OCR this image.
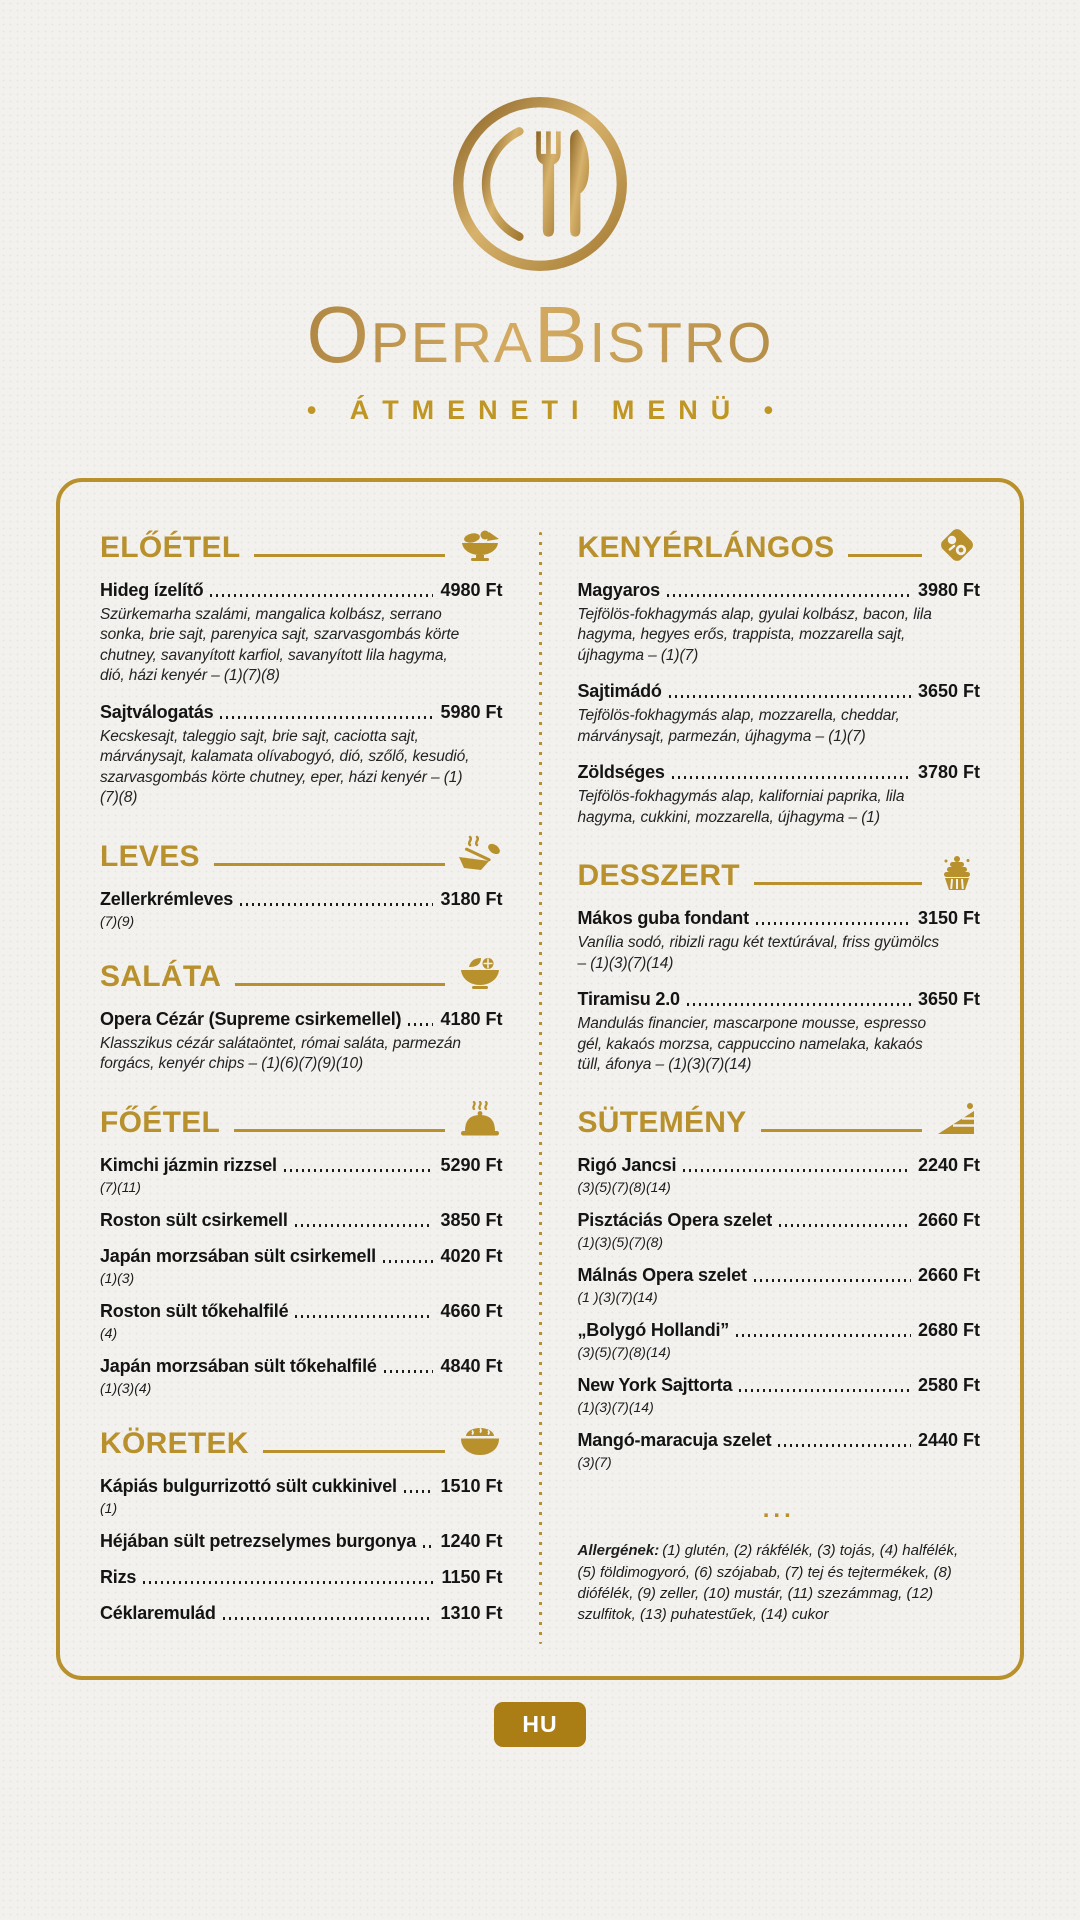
OPERABISTRO
• ÁTMENETI MENÜ •
ELŐÉTEL
Hideg ízelítő	4980 Ft

Szürkemarha szalámi, mangalica kolbász, serrano sonka, brie sajt, parenyica sajt, szarvasgombás körte chutney, savanyított karfiol, savanyított lila hagyma, dió, házi kenyér – (1)(7)(8)

Sajtválogatás	5980 Ft

Kecskesajt, taleggio sajt, brie sajt, caciotta sajt, márványsajt, kalamata olívabogyó, dió, szőlő, kesudió, szarvasgombás körte chutney, eper, házi kenyér – (1)(7)(8)

LEVES
Zellerkrémleves	3180 Ft

(7)(9)

SALÁTA
Opera Cézár (Supreme csirkemellel) 4180 Ft

Klasszikus cézár salátaöntet, római saláta, parmezán forgács, kenyér chips – (1)(6)(7)(9)(10)

FŐÉTEL
Kimchi jázmin rizzsel	5290 Ft

(7)(11)

Roston sült csirkemell	3850 Ft
Japán morzsában sült csirkemell	4020 Ft

(1)(3)

Roston sült tőkehalfilé	4660 Ft

(4)

Japán morzsában sült tőkehalfilé	4840 Ft

(1)(3)(4)

KÖRETEK
Kápiás bulgurrizottó sült cukkinivel 1510 Ft

(1)

Héjában sült petrezselymes burgonya 1240 Ft
Rizs	1150 Ft
Céklaremulád	1310 Ft
KENYÉRLÁNGOS
Magyaros	3980 Ft

Tejfölös-fokhagymás alap, gyulai kolbász, bacon, lila hagyma, hegyes erős, trappista, mozzarella sajt, újhagyma – (1)(7)

Sajtimádó	3650 Ft

Tejfölös-fokhagymás alap, mozzarella, cheddar, márványsajt, parmezán, újhagyma – (1)(7)

Zöldséges	3780 Ft

Tejfölös-fokhagymás alap, kaliforniai paprika, lila hagyma, cukkini, mozzarella, újhagyma – (1)

DESSZERT
Mákos guba fondant	3150 Ft

Vanília sodó, ribizli ragu két textúrával, friss gyümölcs – (1)(3)(7)(14)

Tiramisu 2.0	3650 Ft

Mandulás financier, mascarpone mousse, espresso gél, kakaós morzsa, cappuccino namelaka, kakaós tüll, áfonya – (1)(3)(7)(14)

SÜTEMÉNY
Rigó Jancsi	2240 Ft

(3)(5)(7)(8)(14)

Pisztáciás Opera szelet	2660 Ft

(1)(3)(5)(7)(8)

Málnás Opera szelet	2660 Ft

(1 )(3)(7)(14)

„Bolygó Hollandi”	2680 Ft

(3)(5)(7)(8)(14)

New York Sajttorta	2580 Ft

(1)(3)(7)(14)

Mangó-maracuja szelet	2440 Ft

(3)(7)

...

Allergének: (1) glutén, (2) rákfélék, (3) tojás, (4) halfélék, (5) földimogyoró, (6) szójabab, (7) tej és tejtermékek, (8) diófélék, (9) zeller, (10) mustár, (11) szezámmag, (12) szulfitok, (13) puhatestűek, (14) cukor

HU
